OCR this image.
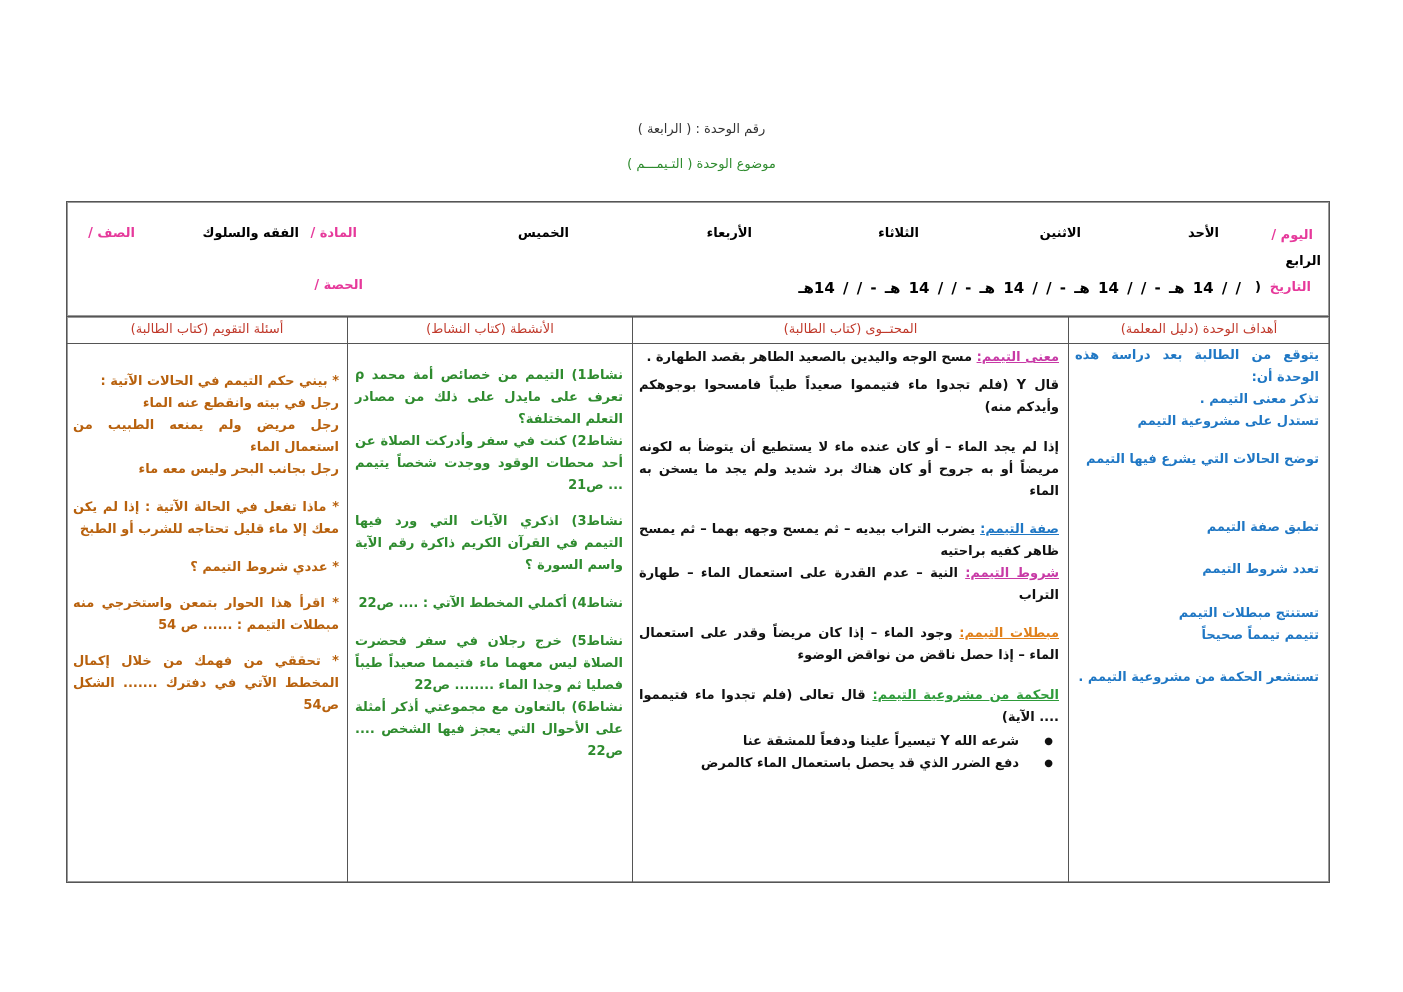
رقم الوحدة : ( الرابعة )
موضوع الوحدة ( التـيمـــم )
اليوم /
الأحد
الاثنين
الثلاثاء
الأربعاء
الخميس
المادة /
الفقه والسلوك
الصف /
الرابع
التاريخ
(
/ / 14 هـ - / / 14 هـ - / / 14 هـ - / / 14 هـ - / / 14هـ
الحصة /
أهداف الوحدة (دليل المعلمة)
المحتــوى (كتاب الطالبة)
الأنشطة (كتاب النشاط)
أسئلة التقويم (كتاب الطالبة)
يتوقع من الطالبة بعد دراسة هذه الوحدة أن:
تذكر معنى التيمم .
تستدل على مشروعية التيمم
توضح الحالات التي يشرع فيها التيمم
تطبق صفة التيمم
تعدد شروط التيمم
تستنتج مبطلات التيمم
تتيمم تيمماً صحيحاً
تستشعر الحكمة من مشروعية التيمم .
معنى التيمم: مسح الوجه واليدين بالصعيد الطاهر بقصد الطهارة .
قال Y (فلم تجدوا ماء فتيمموا صعيداً طيباً فامسحوا بوجوهكم وأيدكم منه)
إذا لم يجد الماء – أو كان عنده ماء لا يستطيع أن يتوضأ به لكونه مريضاً أو به جروح أو كان هناك برد شديد ولم يجد ما يسخن به الماء
صفة التيمم: يضرب التراب بيديه – ثم يمسح وجهه بهما – ثم يمسح ظاهر كفيه براحتيه
شروط التيمم: النية – عدم القدرة على استعمال الماء – طهارة التراب
مبطلات التيمم: وجود الماء – إذا كان مريضاً وقدر على استعمال الماء – إذا حصل ناقض من نواقض الوضوء
الحكمة من مشروعية التيمم: قال تعالى (فلم تجدوا ماء فتيمموا .... الآية)
● شرعه الله Y تيسيراً علينا ودفعاً للمشقة عنا
● دفع الضرر الذي قد يحصل باستعمال الماء كالمرض
نشاط1) التيمم من خصائص أمة محمد ρ تعرف على مايدل على ذلك من مصادر التعلم المختلفة؟
نشاط2) كنت في سفر وأدركت الصلاة عن أحد محطات الوقود ووجدت شخصاً يتيمم ... ص21
نشاط3) اذكري الآيات التي ورد فيها التيمم في القرآن الكريم ذاكرة رقم الآية واسم السورة ؟
نشاط4) أكملي المخطط الآتي : .... ص22
نشاط5) خرج رجلان في سفر فحضرت الصلاة ليس معهما ماء فتيمما صعيداً طيباً فصليا ثم وجدا الماء ........ ص22
نشاط6) بالتعاون مع مجموعتي أذكر أمثلة على الأحوال التي يعجز فيها الشخص .... ص22
* بيني حكم التيمم في الحالات الآتية :
رجل في بيته وانقطع عنه الماء
رجل مريض ولم يمنعه الطبيب من استعمال الماء
رجل بجانب البحر وليس معه ماء
* ماذا تفعل في الحالة الآتية : إذا لم يكن معك إلا ماء قليل تحتاجه للشرب أو الطبخ
* عددي شروط التيمم ؟
* اقرأ هذا الحوار بتمعن واستخرجي منه مبطلات التيمم : ...... ص 54
* تحققي من فهمك من خلال إكمال المخطط الآتي في دفترك ....... الشكل ص54
